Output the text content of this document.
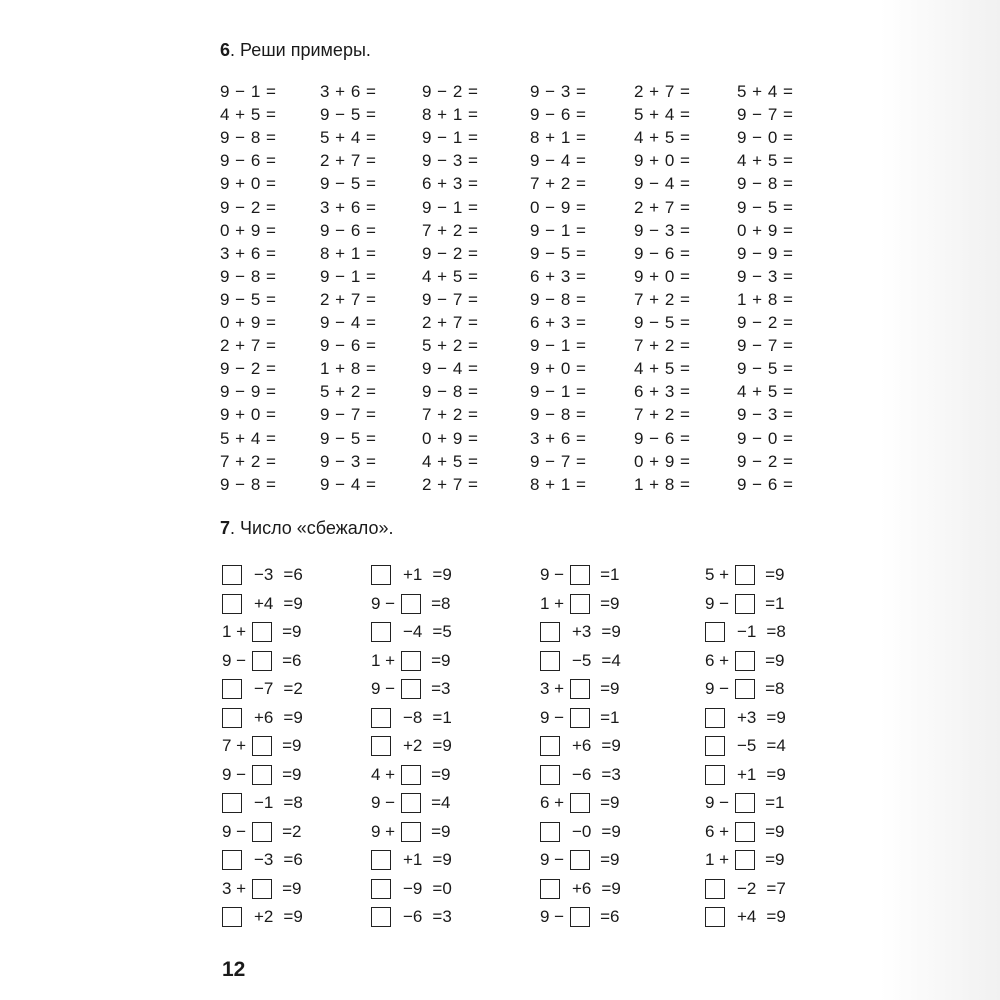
6. Реши примеры.
9 − 1 =
4 + 5 =
9 − 8 =
9 − 6 =
9 + 0 =
9 − 2 =
0 + 9 =
3 + 6 =
9 − 8 =
9 − 5 =
0 + 9 =
2 + 7 =
9 − 2 =
9 − 9 =
9 + 0 =
5 + 4 =
7 + 2 =
9 − 8 =
3 + 6 =
9 − 5 =
5 + 4 =
2 + 7 =
9 − 5 =
3 + 6 =
9 − 6 =
8 + 1 =
9 − 1 =
2 + 7 =
9 − 4 =
9 − 6 =
1 + 8 =
5 + 2 =
9 − 7 =
9 − 5 =
9 − 3 =
9 − 4 =
9 − 2 =
8 + 1 =
9 − 1 =
9 − 3 =
6 + 3 =
9 − 1 =
7 + 2 =
9 − 2 =
4 + 5 =
9 − 7 =
2 + 7 =
5 + 2 =
9 − 4 =
9 − 8 =
7 + 2 =
0 + 9 =
4 + 5 =
2 + 7 =
9 − 3 =
9 − 6 =
8 + 1 =
9 − 4 =
7 + 2 =
0 − 9 =
9 − 1 =
9 − 5 =
6 + 3 =
9 − 8 =
6 + 3 =
9 − 1 =
9 + 0 =
9 − 1 =
9 − 8 =
3 + 6 =
9 − 7 =
8 + 1 =
2 + 7 =
5 + 4 =
4 + 5 =
9 + 0 =
9 − 4 =
2 + 7 =
9 − 3 =
9 − 6 =
9 + 0 =
7 + 2 =
9 − 5 =
7 + 2 =
4 + 5 =
6 + 3 =
7 + 2 =
9 − 6 =
0 + 9 =
1 + 8 =
5 + 4 =
9 − 7 =
9 − 0 =
4 + 5 =
9 − 8 =
9 − 5 =
0 + 9 =
9 − 9 =
9 − 3 =
1 + 8 =
9 − 2 =
9 − 7 =
9 − 5 =
4 + 5 =
9 − 3 =
9 − 0 =
9 − 2 =
9 − 6 =
7. Число «сбежало».
−3 =6
+4 =9
1 + =9
9 − =6
−7 =2
+6 =9
7 + =9
9 − =9
−1 =8
9 − =2
−3 =6
3 + =9
+2 =9
+1 =9
9 − =8
−4 =5
1 + =9
9 − =3
−8 =1
+2 =9
4 + =9
9 − =4
9 + =9
+1 =9
−9 =0
−6 =3
9 − =1
1 + =9
+3 =9
−5 =4
3 + =9
9 − =1
+6 =9
−6 =3
6 + =9
−0 =9
9 − =9
+6 =9
9 − =6
5 + =9
9 − =1
−1 =8
6 + =9
9 − =8
+3 =9
−5 =4
+1 =9
9 − =1
6 + =9
1 + =9
−2 =7
+4 =9
12
